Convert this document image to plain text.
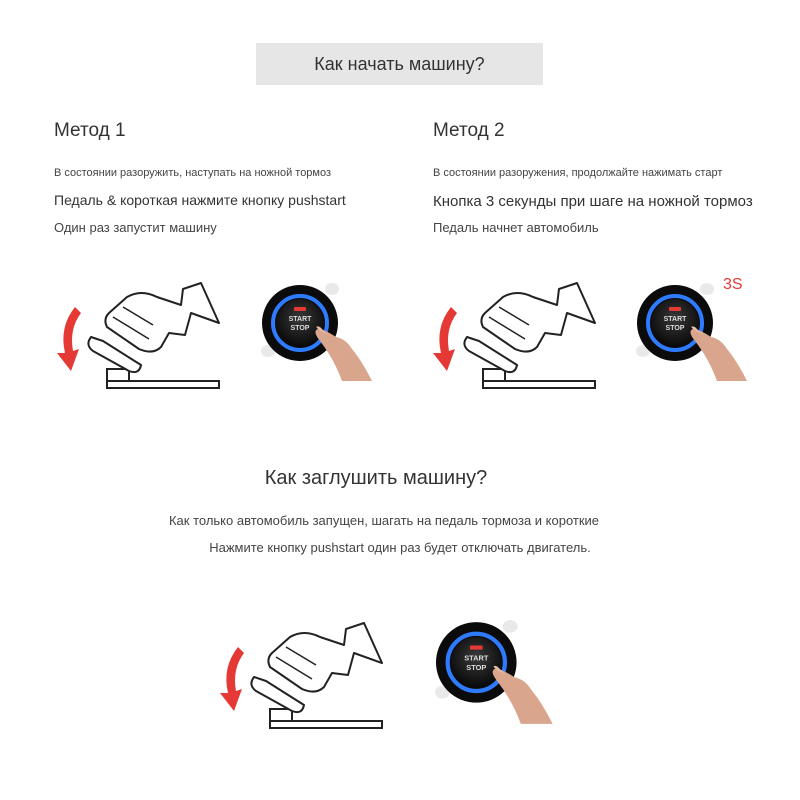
Как начать машину?
Метод 1
В состоянии разоружить, наступать на ножной тормоз
Педаль & короткая нажмите кнопку pushstart
Один раз запустит машину
Метод 2
В состоянии разоружения, продолжайте нажимать старт
Кнопка 3 секунды при шаге на ножной тормоз
Педаль начнет автомобиль
Как заглушить машину?
Как только автомобиль запущен, шагать на педаль тормоза и короткие
Нажмите кнопку pushstart один раз будет отключать двигатель.
START
STOP
3S
